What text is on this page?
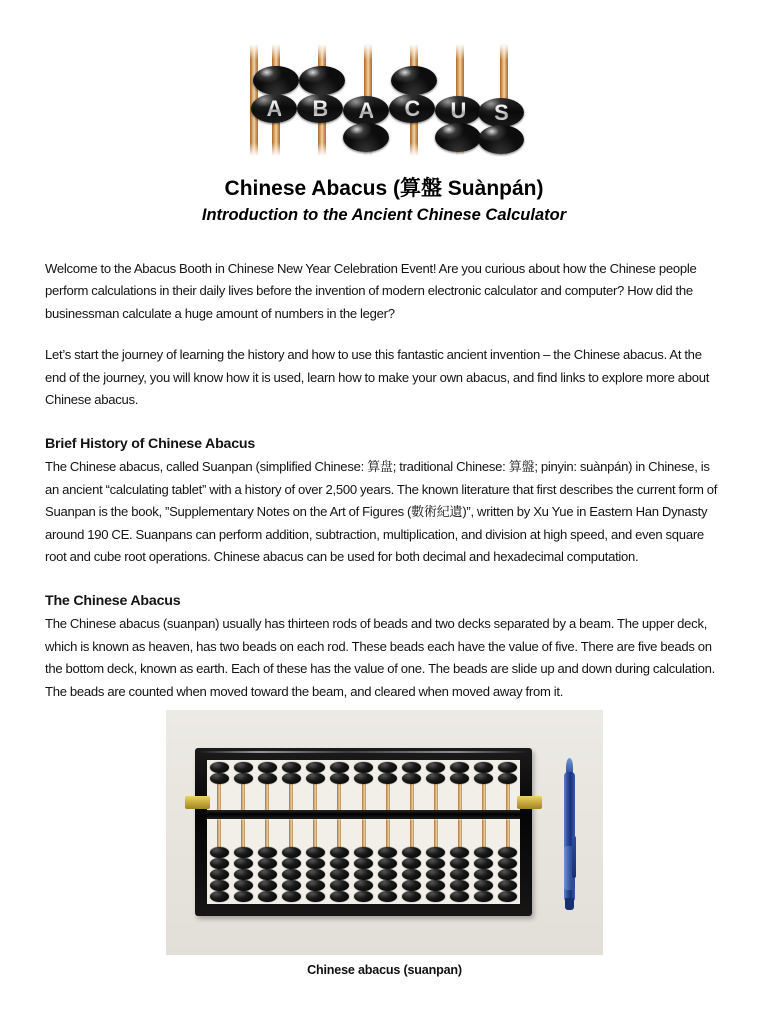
A B A C U S
Chinese Abacus (算盤 Suànpán)
Introduction to the Ancient Chinese Calculator

Welcome to the Abacus Booth in Chinese New Year Celebration Event! Are you curious about how the Chinese people perform calculations in their daily lives before the invention of modern electronic calculator and computer? How did the businessman calculate a huge amount of numbers in the leger?

Let’s start the journey of learning the history and how to use this fantastic ancient invention – the Chinese abacus. At the end of the journey, you will know how it is used, learn how to make your own abacus, and find links to explore more about Chinese abacus.

Brief History of Chinese Abacus

The Chinese abacus, called Suanpan (simplified Chinese: 算盘; traditional Chinese: 算盤; pinyin: suànpán) in Chinese, is an ancient “calculating tablet” with a history of over 2,500 years. The known literature that first describes the current form of Suanpan is the book, ”Supplementary Notes on the Art of Figures (數術紀遺)”, written by Xu Yue in Eastern Han Dynasty around 190 CE. Suanpans can perform addition, subtraction, multiplication, and division at high speed, and even square root and cube root operations. Chinese abacus can be used for both decimal and hexadecimal computation.

The Chinese Abacus

The Chinese abacus (suanpan) usually has thirteen rods of beads and two decks separated by a beam. The upper deck, which is known as heaven, has two beads on each rod. These beads each have the value of five. There are five beads on the bottom deck, known as earth. Each of these has the value of one. The beads are slide up and down during calculation. The beads are counted when moved toward the beam, and cleared when moved away from it.

Chinese abacus (suanpan)
